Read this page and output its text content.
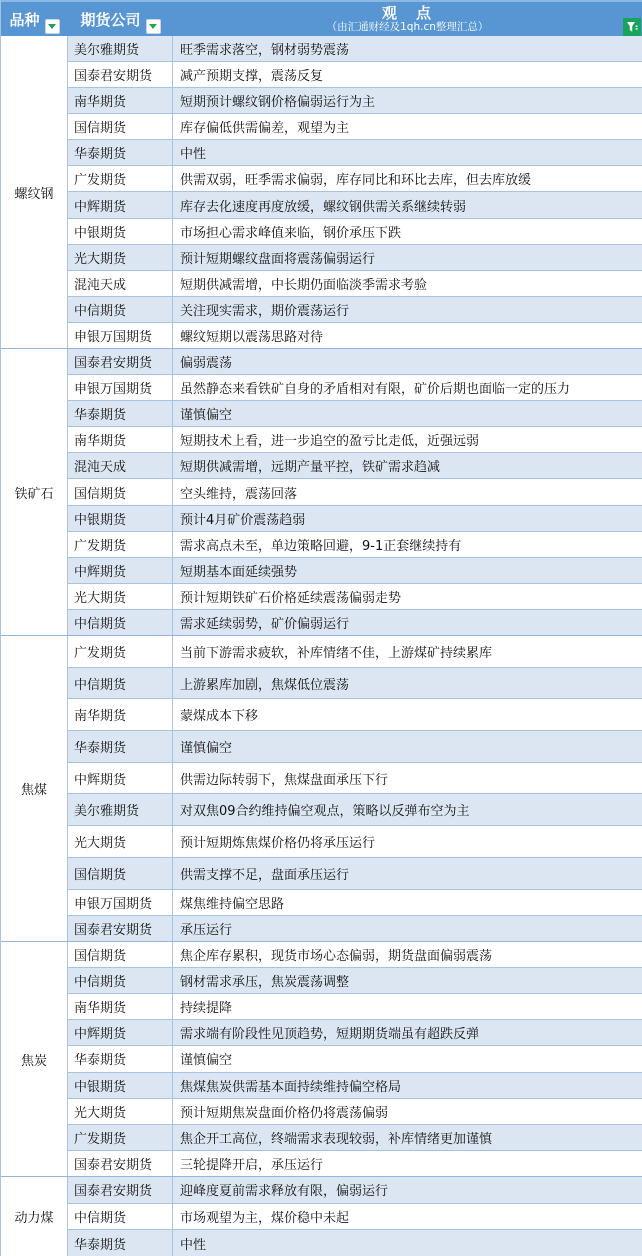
品种	期货公司	观　点
（由汇通财经及1qh.cn整理汇总）
螺纹钢
美尔雅期货	旺季需求落空，钢材弱势震荡
国泰君安期货	减产预期支撑，震荡反复
南华期货	短期预计螺纹钢价格偏弱运行为主
国信期货	库存偏低供需偏差，观望为主
华泰期货	中性
广发期货	供需双弱，旺季需求偏弱，库存同比和环比去库，但去库放缓
中辉期货	库存去化速度再度放缓，螺纹钢供需关系继续转弱
中银期货	市场担心需求峰值来临，钢价承压下跌
光大期货	预计短期螺纹盘面将震荡偏弱运行
混沌天成	短期供减需增，中长期仍面临淡季需求考验
中信期货	关注现实需求，期价震荡运行
申银万国期货	螺纹短期以震荡思路对待
铁矿石
国泰君安期货	偏弱震荡
申银万国期货	虽然静态来看铁矿自身的矛盾相对有限，矿价后期也面临一定的压力
华泰期货	谨慎偏空
南华期货	短期技术上看，进一步追空的盈亏比走低，近强远弱
混沌天成	短期供减需增，远期产量平控，铁矿需求趋减
国信期货	空头维持，震荡回落
中银期货	预计4月矿价震荡趋弱
广发期货	需求高点未至，单边策略回避，9-1正套继续持有
中辉期货	短期基本面延续强势
光大期货	预计短期铁矿石价格延续震荡偏弱走势
中信期货	需求延续弱势，矿价偏弱运行
焦煤
广发期货	当前下游需求疲软，补库情绪不佳，上游煤矿持续累库
中信期货	上游累库加剧，焦煤低位震荡
南华期货	蒙煤成本下移
华泰期货	谨慎偏空
中辉期货	供需边际转弱下，焦煤盘面承压下行
美尔雅期货	对双焦09合约维持偏空观点，策略以反弹布空为主
光大期货	预计短期炼焦煤价格仍将承压运行
国信期货	供需支撑不足，盘面承压运行
申银万国期货	煤焦维持偏空思路
国泰君安期货	承压运行
焦炭
国信期货	焦企库存累积，现货市场心态偏弱，期货盘面偏弱震荡
中信期货	钢材需求承压，焦炭震荡调整
南华期货	持续提降
中辉期货	需求端有阶段性见顶趋势，短期期货端虽有超跌反弹
华泰期货	谨慎偏空
中银期货	焦煤焦炭供需基本面持续维持偏空格局
光大期货	预计短期焦炭盘面价格仍将震荡偏弱
广发期货	焦企开工高位，终端需求表现较弱，补库情绪更加谨慎
国泰君安期货	三轮提降开启，承压运行
动力煤
国泰君安期货	迎峰度夏前需求释放有限，偏弱运行
中信期货	市场观望为主，煤价稳中未起
华泰期货	中性
